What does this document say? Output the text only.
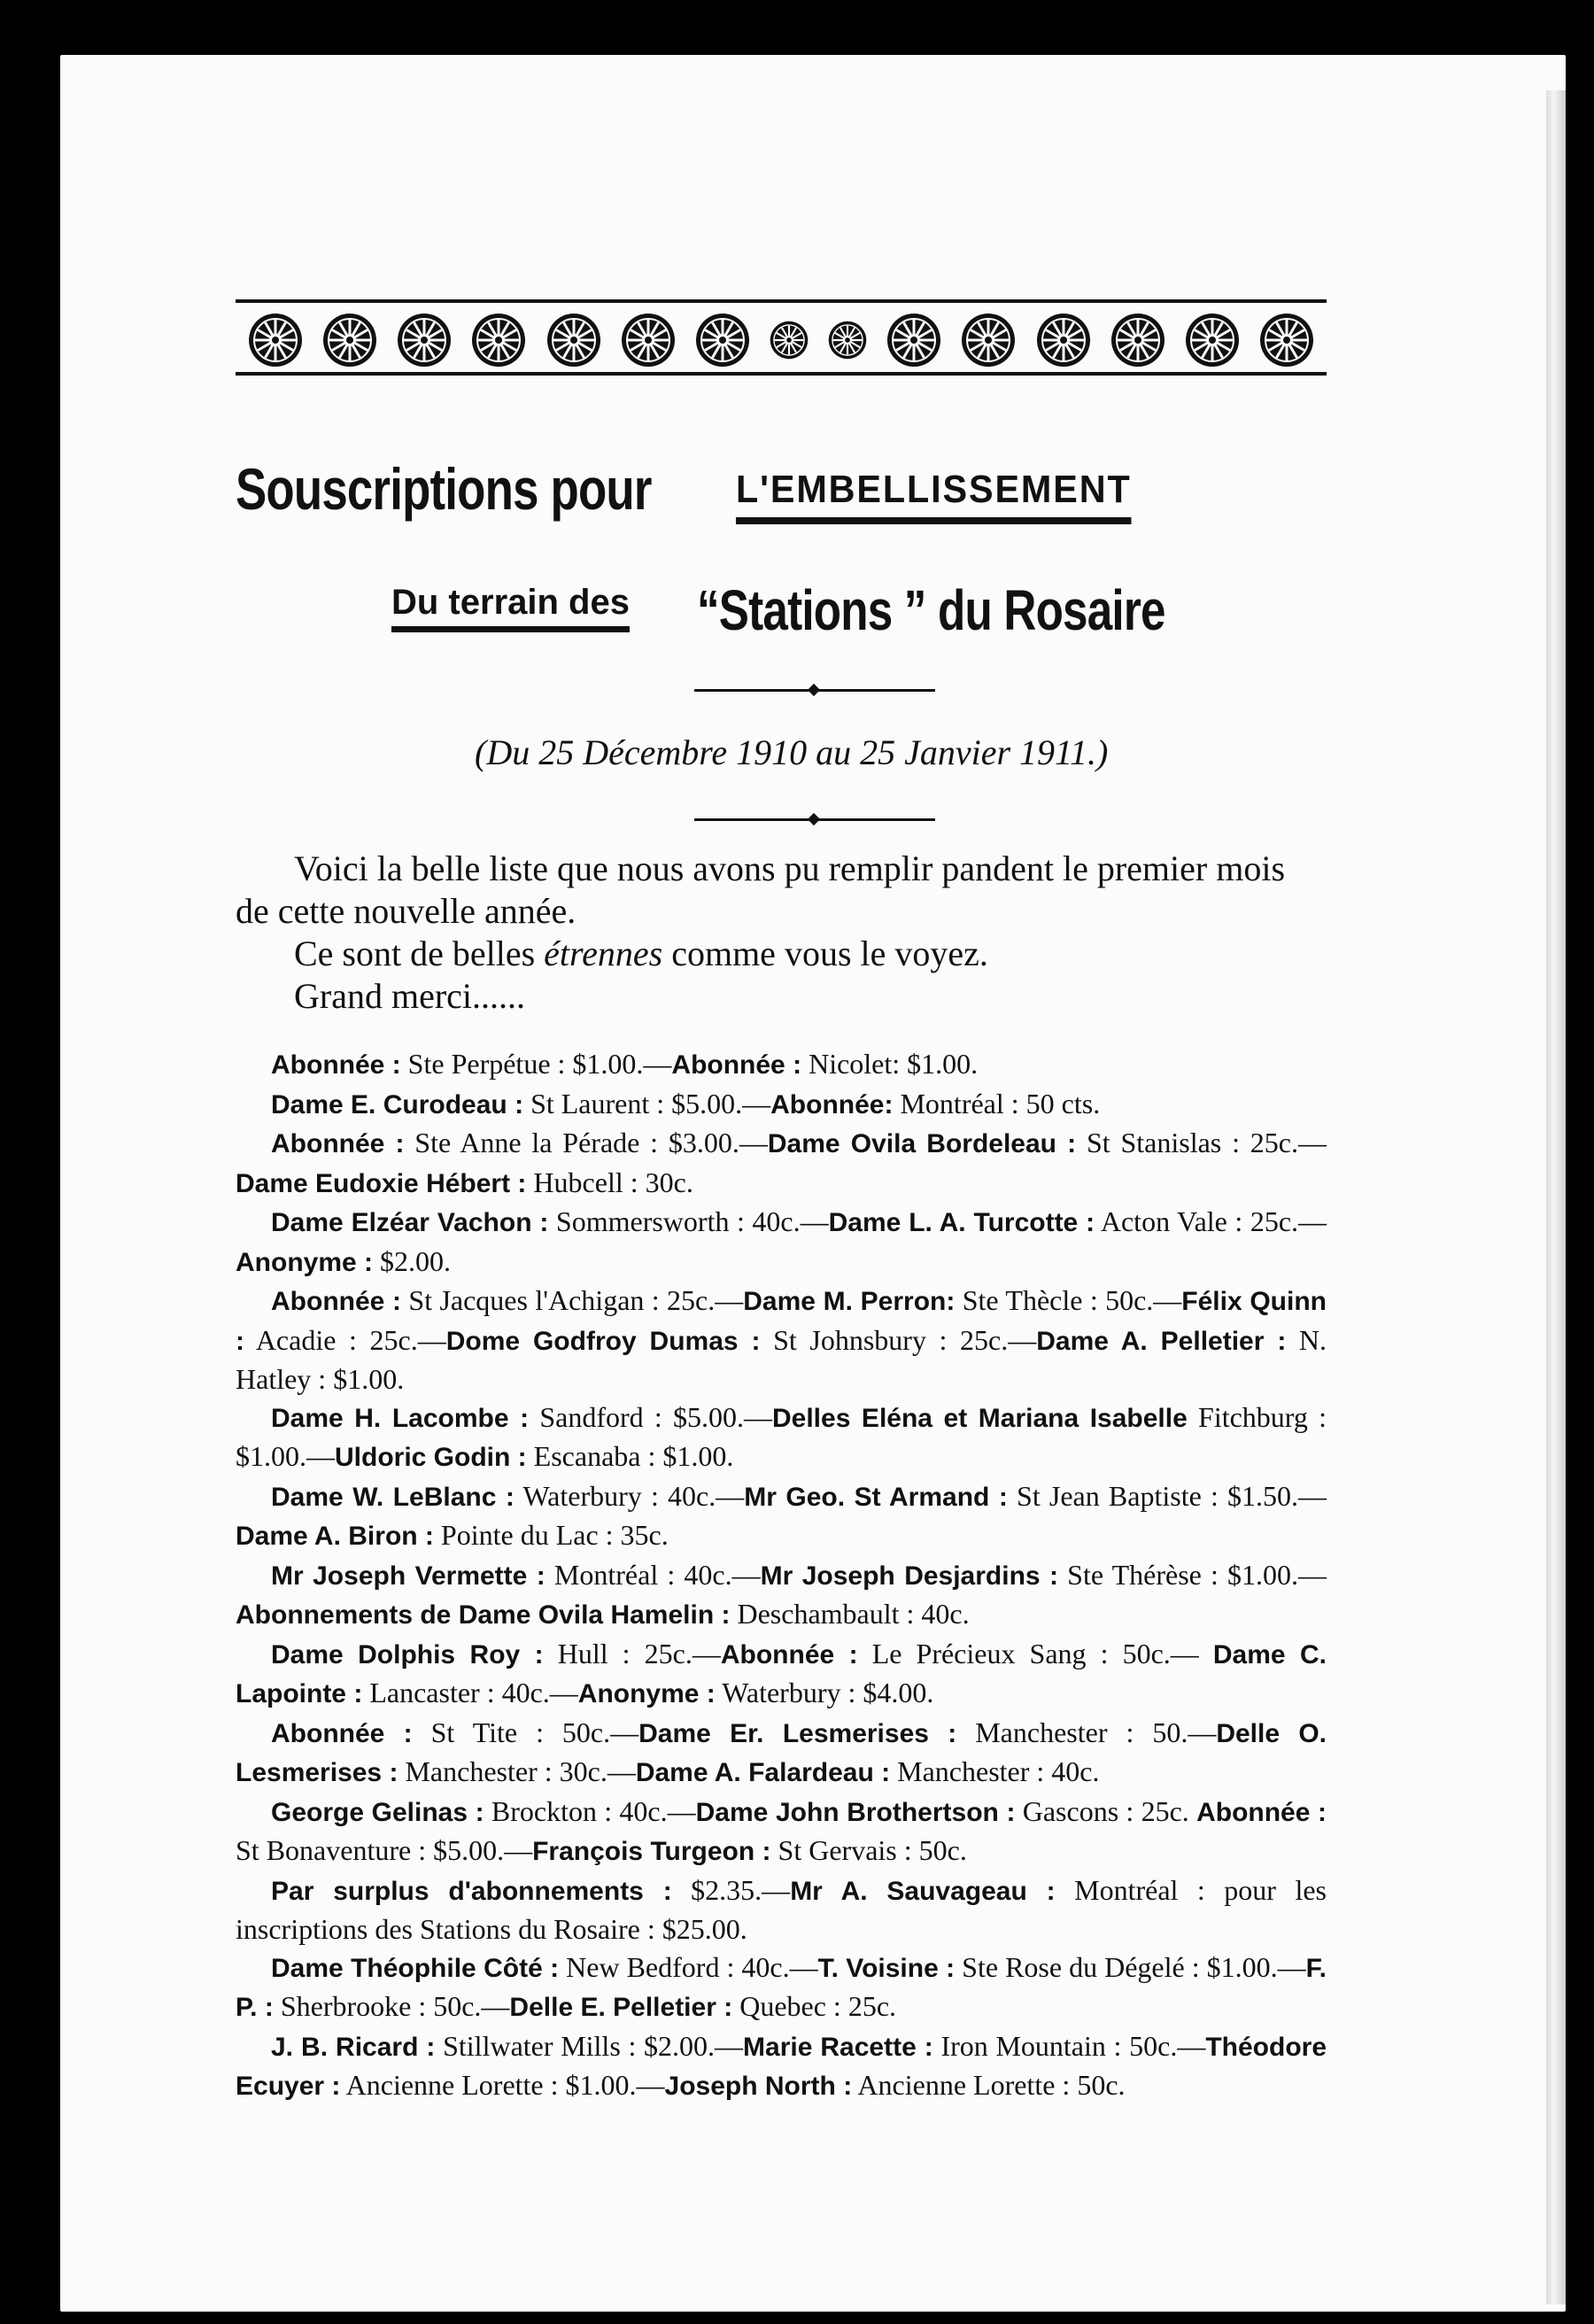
Souscriptions pour L'EMBELLISSEMENT
Du terrain des “Stations ” du Rosaire
(Du 25 Décembre 1910 au 25 Janvier 1911.)

Voici la belle liste que nous avons pu remplir pandent le premier mois de cette nouvelle année.

Ce sont de belles étrennes comme vous le voyez.

Grand merci......

Abonnée : Ste Perpétue : $1.00.—Abonnée : Nicolet: $1.00.

Dame E. Curodeau : St Laurent : $5.00.—Abonnée: Montréal : 50 cts.

Abonnée : Ste Anne la Pérade : $3.00.—Dame Ovila Bordeleau : St Stanislas : 25c.—Dame Eudoxie Hébert : Hubcell : 30c.

Dame Elzéar Vachon : Sommersworth : 40c.—Dame L. A. Turcotte : Acton Vale : 25c.— Anonyme : $2.00.

Abonnée : St Jacques l'Achigan : 25c.—Dame M. Perron: Ste Thècle : 50c.—Félix Quinn : Acadie : 25c.—Dome Godfroy Dumas : St Johnsbury : 25c.—Dame A. Pelletier : N. Hatley : $1.00.

Dame H. Lacombe : Sandford : $5.00.—Delles Eléna et Mariana Isabelle Fitchburg : $1.00.—Uldoric Godin : Escanaba : $1.00.

Dame W. LeBlanc : Waterbury : 40c.—Mr Geo. St Armand : St Jean Baptiste : $1.50.—Dame A. Biron : Pointe du Lac : 35c.

Mr Joseph Vermette : Montréal : 40c.—Mr Joseph Desjardins : Ste Thérèse : $1.00.—Abonnements de Dame Ovila Hamelin : Deschambault : 40c.

Dame Dolphis Roy : Hull : 25c.—Abonnée : Le Précieux Sang : 50c.— Dame C. Lapointe : Lancaster : 40c.—Anonyme : Waterbury : $4.00.

Abonnée : St Tite : 50c.—Dame Er. Lesmerises : Manchester : 50.—Delle O. Lesmerises : Manchester : 30c.—Dame A. Falardeau : Manchester : 40c.

George Gelinas : Brockton : 40c.—Dame John Brothertson : Gascons : 25c. Abonnée : St Bonaventure : $5.00.—François Turgeon : St Gervais : 50c.

Par surplus d'abonnements : $2.35.—Mr A. Sauvageau : Montréal : pour les inscriptions des Stations du Rosaire : $25.00.

Dame Théophile Côté : New Bedford : 40c.—T. Voisine : Ste Rose du Dégelé : $1.00.—F. P. : Sherbrooke : 50c.—Delle E. Pelletier : Quebec : 25c.

J. B. Ricard : Stillwater Mills : $2.00.—Marie Racette : Iron Mountain : 50c.—Théodore Ecuyer : Ancienne Lorette : $1.00.—Joseph North : Ancienne Lorette : 50c.
